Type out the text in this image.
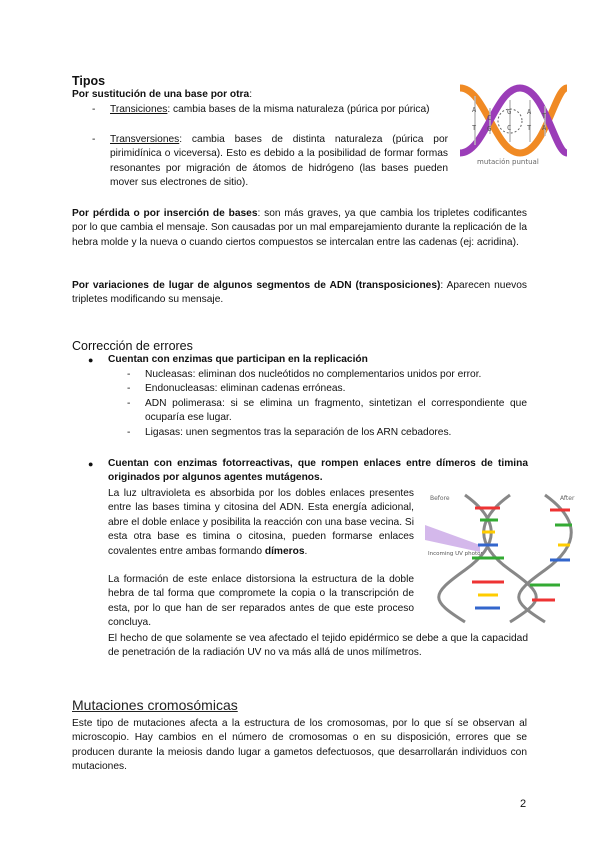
Tipos
Por sustitución de una base por otra:
- Transiciones: cambia bases de la misma naturaleza (púrica por púrica)
- Transversiones: cambia bases de distinta naturaleza (púrica por pirimidínica o viceversa). Esto es debido a la posibilidad de formar formas resonantes por migración de átomos de hidrógeno (las bases pueden mover sus electrones de sitio).
A
C
G A T
T G C T A
mutación puntual
Por pérdida o por inserción de bases: son más graves, ya que cambia los tripletes codificantes por lo que cambia el mensaje. Son causadas por un mal emparejamiento durante la replicación de la hebra molde y la nueva o cuando ciertos compuestos se intercalan entre las cadenas (ej: acridina).
Por variaciones de lugar de algunos segmentos de ADN (transposiciones): Aparecen nuevos tripletes modificando su mensaje.
Corrección de errores
● Cuentan con enzimas que participan en la replicación
- Nucleasas: eliminan dos nucleótidos no complementarios unidos por error.
- Endonucleasas: eliminan cadenas erróneas.
- ADN polimerasa: si se elimina un fragmento, sintetizan el correspondiente que ocuparía ese lugar.
- Ligasas: unen segmentos tras la separación de los ARN cebadores.
● Cuentan con enzimas fotorreactivas, que rompen enlaces entre dímeros de timina originados por algunos agentes mutágenos.
La luz ultravioleta es absorbida por los dobles enlaces presentes entre las bases timina y citosina del ADN. Esta energía adicional, abre el doble enlace y posibilita la reacción con una base vecina. Si esta otra base es timina o citosina, pueden formarse enlaces covalentes entre ambas formando dímeros.
La formación de este enlace distorsiona la estructura de la doble hebra de tal forma que compromete la copia o la transcripción de esta, por lo que han de ser reparados antes de que este proceso concluya.
El hecho de que solamente se vea afectado el tejido epidérmico se debe a que la capacidad de penetración de la radiación UV no va más allá de unos milímetros.
Before	After
Incoming UV photon
Mutaciones cromosómicas
Este tipo de mutaciones afecta a la estructura de los cromosomas, por lo que sí se observan al microscopio. Hay cambios en el número de cromosomas o en su disposición, errores que se producen durante la meiosis dando lugar a gametos defectuosos, que desarrollarán individuos con mutaciones.
2
